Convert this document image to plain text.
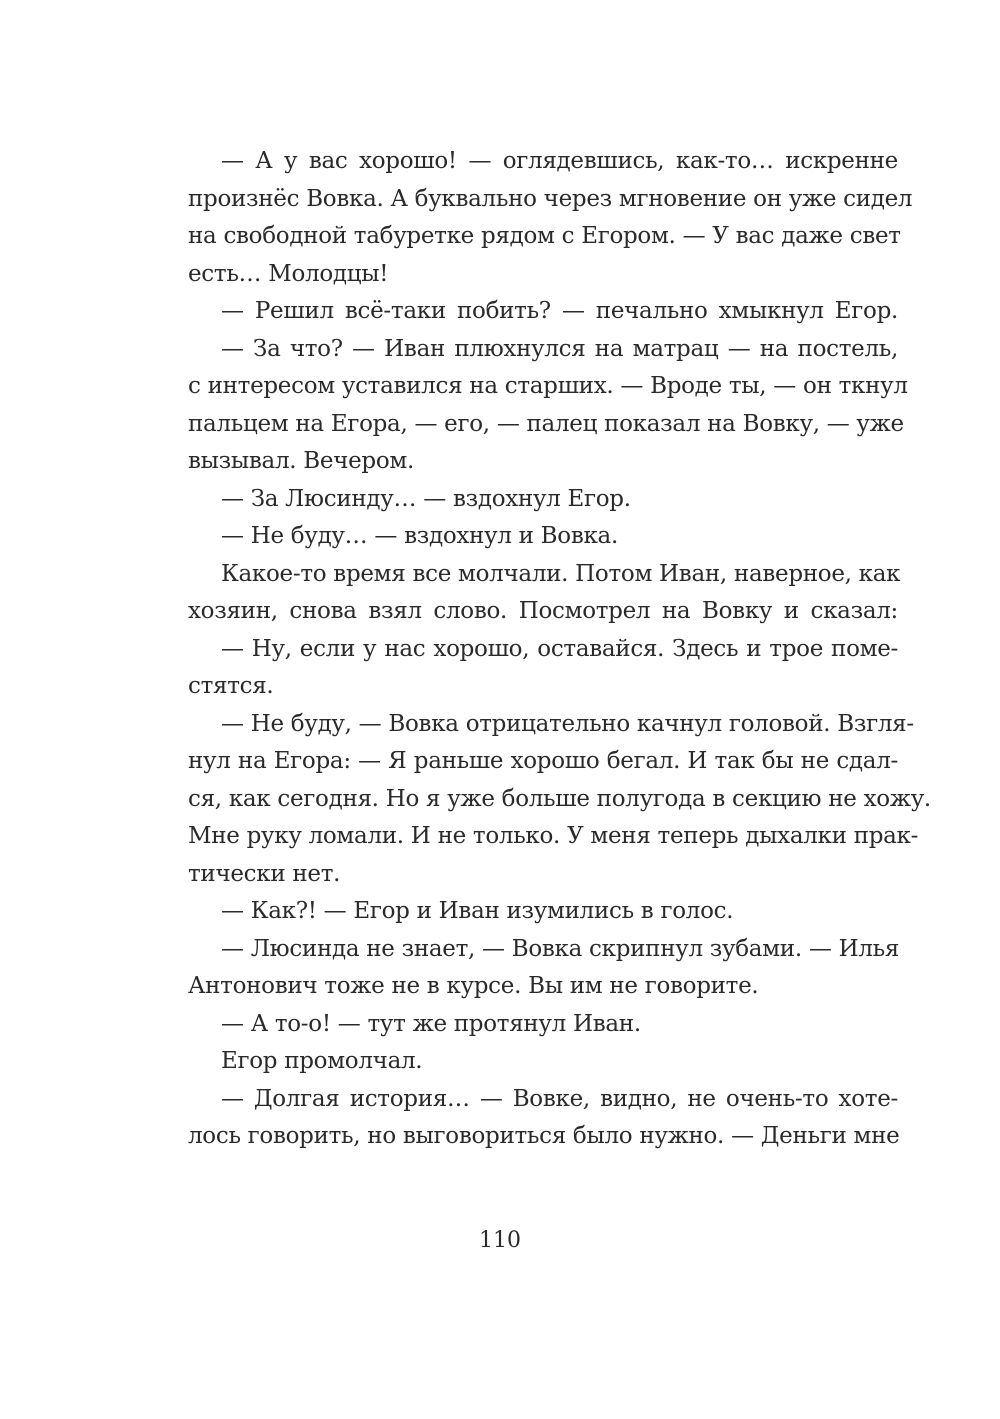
— А у вас хорошо! — оглядевшись, как-то… искренне
произнёс Вовка. А буквально через мгновение он уже сидел
на свободной табуретке рядом с Егором. — У вас даже свет
есть… Молодцы!
— Решил всё-таки побить? — печально хмыкнул Егор.
— За что? — Иван плюхнулся на матрац — на постель,
с интересом уставился на старших. — Вроде ты, — он ткнул
пальцем на Егора, — его, — палец показал на Вовку, — уже
вызывал. Вечером.
— За Люсинду… — вздохнул Егор.
— Не буду… — вздохнул и Вовка.
Какое-то время все молчали. Потом Иван, наверное, как
хозяин, снова взял слово. Посмотрел на Вовку и сказал:
— Ну, если у нас хорошо, оставайся. Здесь и трое поме-
стятся.
— Не буду, — Вовка отрицательно качнул головой. Взгля-
нул на Егора: — Я раньше хорошо бегал. И так бы не сдал-
ся, как сегодня. Но я уже больше полугода в секцию не хожу.
Мне руку ломали. И не только. У меня теперь дыхалки прак-
тически нет.
— Как?! — Егор и Иван изумились в голос.
— Люсинда не знает, — Вовка скрипнул зубами. — Илья
Антонович тоже не в курсе. Вы им не говорите.
— А то-о! — тут же протянул Иван.
Егор промолчал.
— Долгая история… — Вовке, видно, не очень-то хоте-
лось говорить, но выговориться было нужно. — Деньги мне
110
